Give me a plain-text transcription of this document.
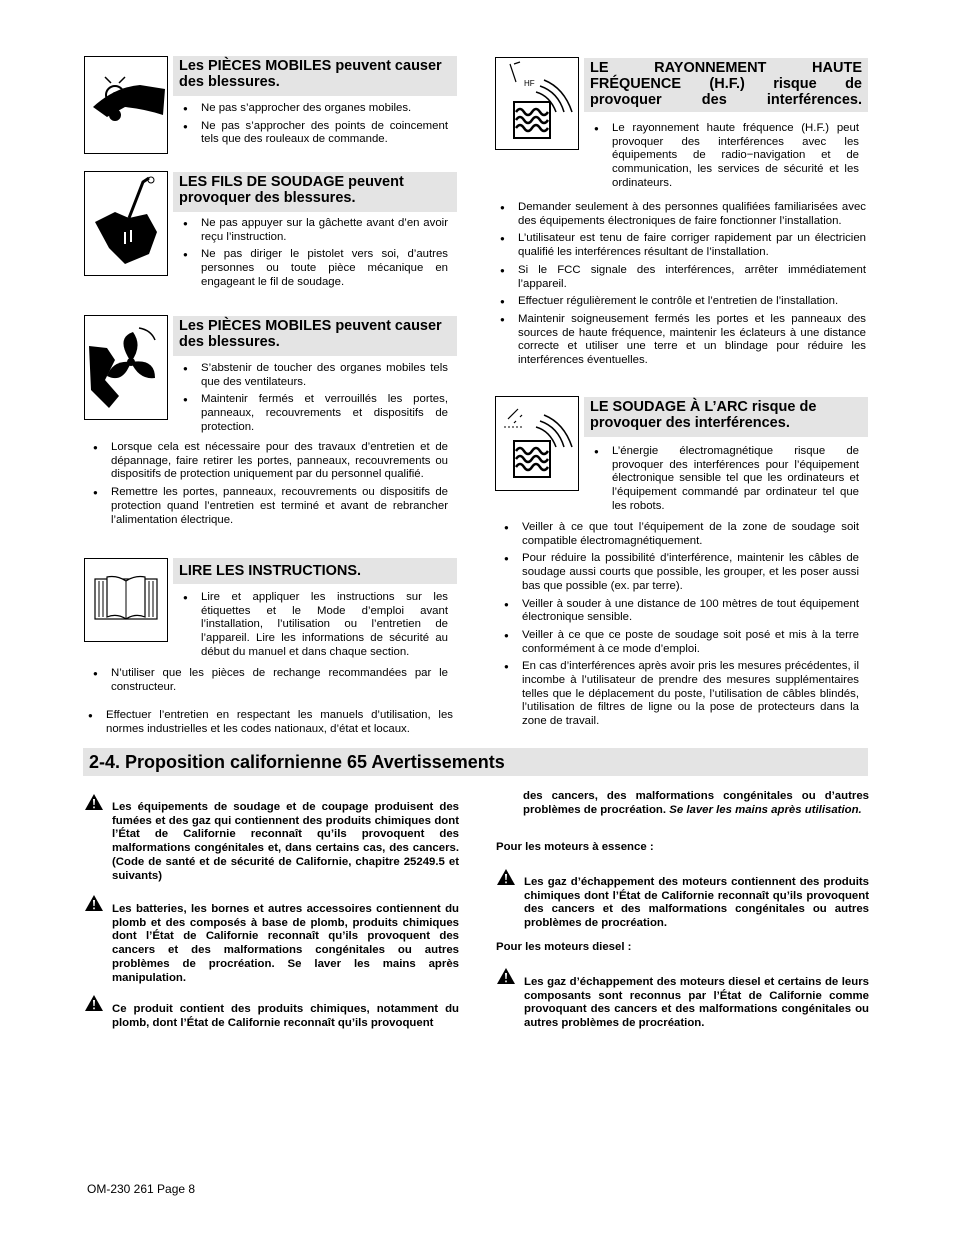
Les PIÈCES MOBILES peuvent causer des blessures.
● Ne pas s’approcher des organes mobiles.
● Ne pas s’approcher des points de coincement tels que des rouleaux de commande.
LES FILS DE SOUDAGE peuvent provoquer des blessures.
● Ne pas appuyer sur la gâchette avant d’en avoir reçu l’instruction.
● Ne pas diriger le pistolet vers soi, d’autres personnes ou toute pièce mécanique en engageant le fil de soudage.
Les PIÈCES MOBILES peuvent causer des blessures.
● S’abstenir de toucher des organes mobiles tels que des ventilateurs.
● Maintenir fermés et verrouillés les portes, panneaux, recouvrements et dispositifs de protection.
● Lorsque cela est nécessaire pour des travaux d’entretien et de dépannage, faire retirer les portes, panneaux, recouvrements ou dispositifs de protection uniquement par du personnel qualifié.
● Remettre les portes, panneaux, recouvrements ou dispositifs de protection quand l’entretien est terminé et avant de rebrancher l’alimentation électrique.
LIRE LES INSTRUCTIONS.
● Lire et appliquer les instructions sur les étiquettes et le Mode d’emploi avant l’installation, l’utilisation ou l’entretien de l’appareil. Lire les informations de sécurité au début du manuel et dans chaque section.
● N’utiliser que les pièces de rechange recommandées par le constructeur.
● Effectuer l’entretien en respectant les manuels d’utilisation, les normes industrielles et les codes nationaux, d’état et locaux.
HF
LE RAYONNEMENT HAUTE FRÉQUENCE (H.F.) risque de provoquer des interférences.
● Le rayonnement haute fréquence (H.F.) peut provoquer des interférences avec les équipements de radio−navigation et de communication, les services de sécurité et les ordinateurs.
● Demander seulement à des personnes qualifiées familiarisées avec des équipements électroniques de faire fonctionner l’installation.
● L’utilisateur est tenu de faire corriger rapidement par un électricien qualifié les interférences résultant de l’installation.
● Si le FCC signale des interférences, arrêter immédiatement l’appareil.
● Effectuer régulièrement le contrôle et l’entretien de l’installation.
● Maintenir soigneusement fermés les portes et les panneaux des sources de haute fréquence, maintenir les éclateurs à une distance correcte et utiliser une terre et un blindage pour réduire les interférences éventuelles.
LE SOUDAGE À L’ARC risque de provoquer des interférences.
● L’énergie électromagnétique risque de provoquer des interférences pour l’équipement électronique sensible tel que les ordinateurs et l’équipement commandé par ordinateur tel que les robots.
● Veiller à ce que tout l’équipement de la zone de soudage soit compatible électromagnétiquement.
● Pour réduire la possibilité d’interférence, maintenir les câbles de soudage aussi courts que possible, les grouper, et les poser aussi bas que possible (ex. par terre).
● Veiller à souder à une distance de 100 mètres de tout équipement électronique sensible.
● Veiller à ce que ce poste de soudage soit posé et mis à la terre conformément à ce mode d’emploi.
● En cas d’interférences après avoir pris les mesures précédentes, il incombe à l’utilisateur de prendre des mesures supplémentaires telles que le déplacement du poste, l’utilisation de câbles blindés, l’utilisation de filtres de ligne ou la pose de protecteurs dans la zone de travail.
2-4. Proposition californienne 65 Avertissements
Les équipements de soudage et de coupage produisent des fumées et des gaz qui contiennent des produits chimiques dont l’État de Californie reconnaît qu’ils provoquent des malformations congénitales et, dans certains cas, des cancers. (Code de santé et de sécurité de Californie, chapitre 25249.5 et suivants)
Les batteries, les bornes et autres accessoires contiennent du plomb et des composés à base de plomb, produits chimiques dont l’État de Californie reconnaît qu’ils provoquent des cancers et des malformations congénitales ou autres problèmes de procréation. Se laver les mains après manipulation.
Ce produit contient des produits chimiques, notamment du plomb, dont l’État de Californie reconnaît qu’ils provoquent
des cancers, des malformations congénitales ou d’autres problèmes de procréation. Se laver les mains après utilisation.
Pour les moteurs à essence :
Les gaz d’échappement des moteurs contiennent des produits chimiques dont l’État de Californie reconnaît qu’ils provoquent des cancers et des malformations congénitales ou autres problèmes de procréation.
Pour les moteurs diesel :
Les gaz d’échappement des moteurs diesel et certains de leurs composants sont reconnus par l’État de Californie comme provoquant des cancers et des malformations congénitales ou autres problèmes de procréation.
OM-230 261 Page 8
